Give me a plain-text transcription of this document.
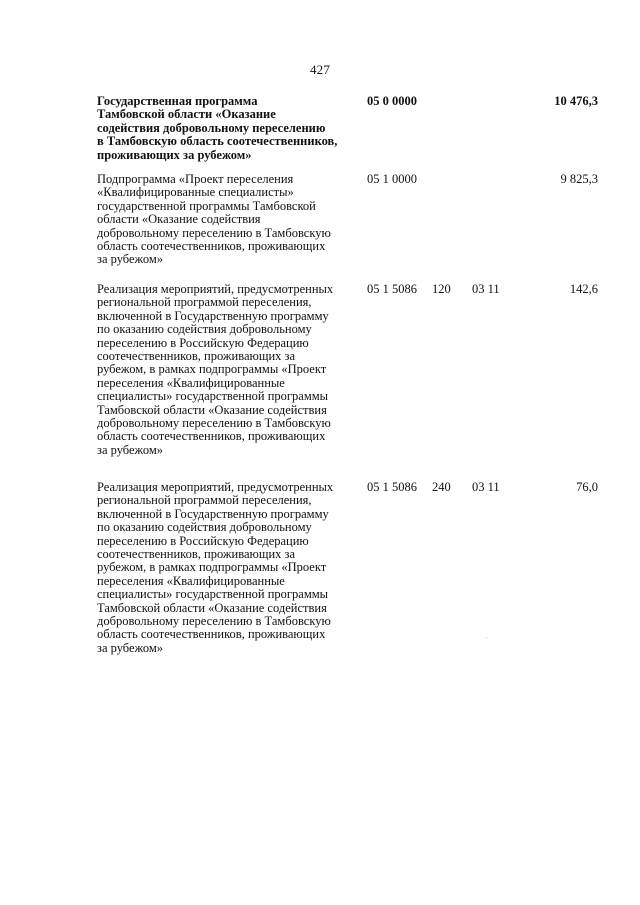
427
Государственная программа
Тамбовской области «Оказание
содействия добровольному переселению
в Тамбовскую область соотечественников,
проживающих за рубежом»
05 0 0000	10 476,3
Подпрограмма «Проект переселения
«Квалифицированные специалисты»
государственной программы Тамбовской
области «Оказание содействия
добровольному переселению в Тамбовскую
область соотечественников, проживающих
за рубежом»
05 1 0000	9 825,3
Реализация мероприятий, предусмотренных
региональной программой переселения,
включенной в Государственную программу
по оказанию содействия добровольному
переселению в Российскую Федерацию
соотечественников, проживающих за
рубежом, в рамках подпрограммы «Проект
переселения «Квалифицированные
специалисты» государственной программы
Тамбовской области «Оказание содействия
добровольному переселению в Тамбовскую
область соотечественников, проживающих
за рубежом»
05 1 5086 120 03 11	142,6
Реализация мероприятий, предусмотренных
региональной программой переселения,
включенной в Государственную программу
по оказанию содействия добровольному
переселению в Российскую Федерацию
соотечественников, проживающих за
рубежом, в рамках подпрограммы «Проект
переселения «Квалифицированные
специалисты» государственной программы
Тамбовской области «Оказание содействия
добровольному переселению в Тамбовскую
область соотечественников, проживающих
за рубежом»
05 1 5086 240 03 11	76,0
